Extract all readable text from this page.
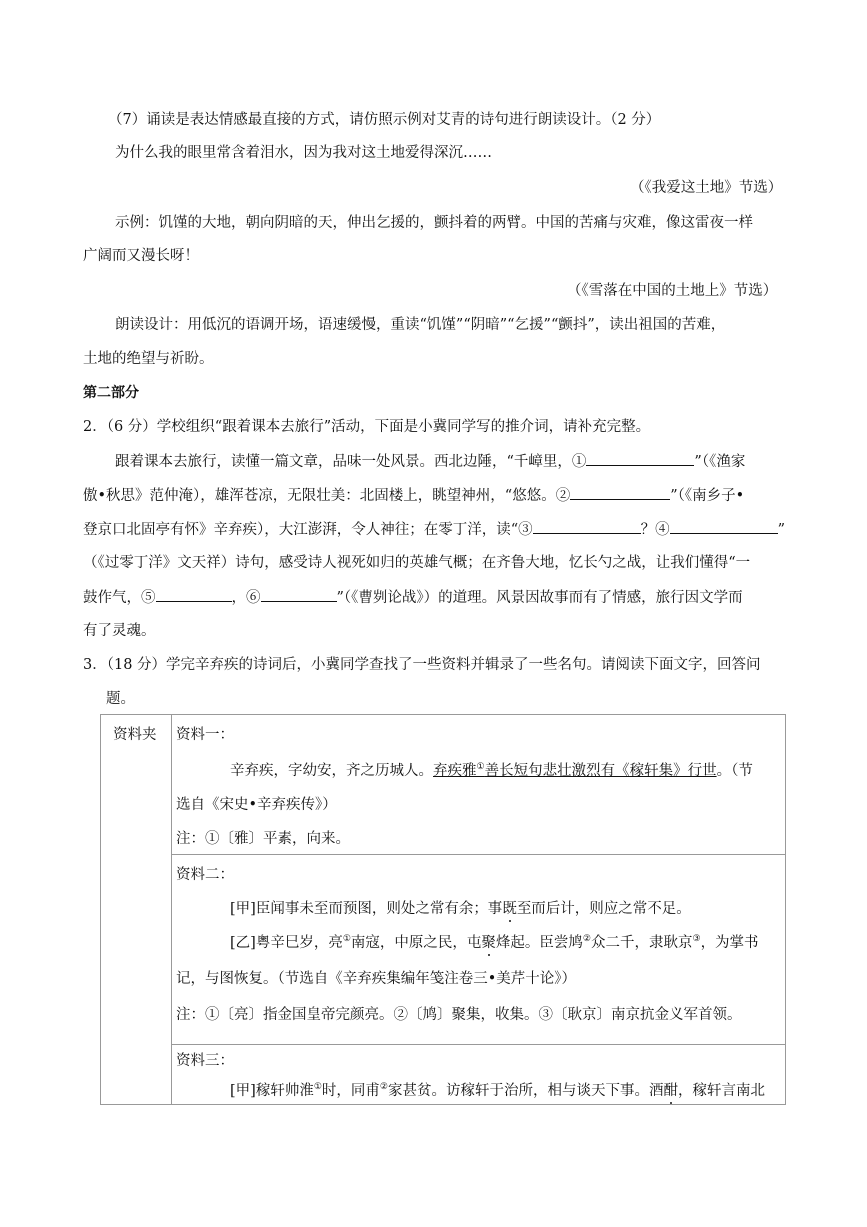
（7）诵读是表达情感最直接的方式，请仿照示例对艾青的诗句进行朗读设计。（2 分）
为什么我的眼里常含着泪水，因为我对这土地爱得深沉……
（《我爱这土地》节选）
示例：饥馑的大地，朝向阴暗的天，伸出乞援的，颤抖着的两臂。中国的苦痛与灾难，像这雷夜一样
广阔而又漫长呀！
（《雪落在中国的土地上》节选）
朗读设计：用低沉的语调开场，语速缓慢，重读“饥馑”“阴暗”“乞援”“颤抖”，读出祖国的苦难，
土地的绝望与祈盼。
第二部分
2．（6 分）学校组织“跟着课本去旅行”活动，下面是小冀同学写的推介词，请补充完整。
跟着课本去旅行，读懂一篇文章，品味一处风景。西北边陲，“千嶂里，①	”（《渔家
傲•秋思》范仲淹），雄浑苍凉，无限壮美：北固楼上，眺望神州，“悠悠。②	”（《南乡子•
登京口北固亭有怀》辛弃疾），大江澎湃，令人神往；在零丁洋，读“③	？④	”
（《过零丁洋》文天祥）诗句，感受诗人视死如归的英雄气概；在齐鲁大地，忆长勺之战，让我们懂得“一
鼓作气，⑤	，⑥	”（《曹刿论战》）的道理。风景因故事而有了情感，旅行因文学而
有了灵魂。
3．（18 分）学完辛弃疾的诗词后，小冀同学查找了一些资料并辑录了一些名句。请阅读下面文字，回答问
题。
资料夹	资料一：
辛弃疾，字幼安，齐之历城人。弃疾雅①善长短句悲壮激烈有《稼轩集》行世。（节
选自《宋史•辛弃疾传》）
注：①〔雅〕平素，向来。

资料二：
[甲]臣闻事未至而预图，则处之常有余；事既至而后计，则应之常不足。
[乙]粤辛巳岁，亮①南寇，中原之民，屯聚烽起。臣尝鸠②众二千，隶耿京③，为掌书
记，与图恢复。（节选自《辛弃疾集编年笺注卷三•美芹十论》）
注：①〔亮〕指金国皇帝完颜亮。②〔鸠〕聚集，收集。③〔耿京〕南京抗金义军首领。

资料三：
[甲]稼轩帅淮①时，同甫②家甚贫。访稼轩于治所，相与谈天下事。酒酣，稼轩言南北
